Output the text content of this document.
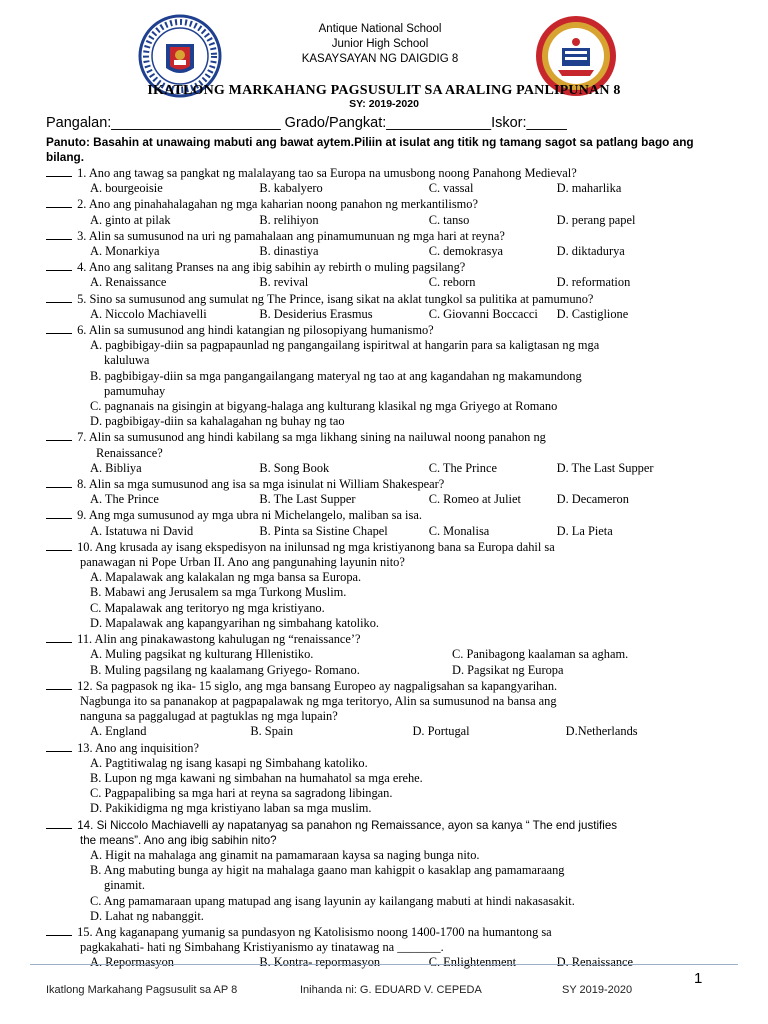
Antique National School
Junior High School
KASAYSAYAN NG DAIGDIG 8
IKATLONG MARKAHANG PAGSUSULIT SA ARALING PANLIPUNAN 8
SY: 2019-2020
Pangalan:_____________________ Grado/Pangkat:_____________Iskor:_____
Panuto: Basahin at unawaing mabuti ang bawat aytem.Piliin at isulat ang titik ng tamang sagot sa patlang bago ang bilang.
1. Ano ang tawag sa pangkat ng malalayang tao sa Europa na umusbong noong Panahong Medieval?
A. bourgeoisie	B. kabalyero	C. vassal	D. maharlika
2. Ano ang pinahahalagahan ng mga kaharian noong panahon ng merkantilismo?
A. ginto at pilak	B. relihiyon	C. tanso	D. perang papel
3. Alin sa sumusunod na uri ng pamahalaan ang pinamumunuan ng mga hari at reyna?
A. Monarkiya	B. dinastiya	C. demokrasya	D. diktadurya
4. Ano ang salitang Pranses na ang ibig sabihin ay rebirth o muling pagsilang?
A. Renaissance	B. revival	C. reborn	D. reformation
5. Sino sa sumusunod ang sumulat ng The Prince, isang sikat na aklat tungkol sa pulitika at pamumuno?
A. Niccolo Machiavelli	B. Desiderius Erasmus	C. Giovanni Boccacci	D. Castiglione
6. Alin sa sumusunod ang hindi katangian ng pilosopiyang humanismo?
A. pagbibigay-diin sa pagpapaunlad ng pangangailang ispiritwal at hangarin para sa kaligtasan ng mga
kaluluwa
B. pagbibigay-diin sa mga pangangailangang materyal ng tao at ang kagandahan ng makamundong
pamumuhay
C. pagnanais na gisingin at bigyang-halaga ang kulturang klasikal ng mga Griyego at Romano
D. pagbibigay-diin sa kahalagahan ng buhay ng tao
7. Alin sa sumusunod ang hindi kabilang sa mga likhang sining na nailuwal noong panahon ng
Renaissance?
A. Bibliya	B. Song Book	C. The Prince	D. The Last Supper
8. Alin sa mga sumusunod ang isa sa mga isinulat ni William Shakespear?
A. The Prince	B. The Last Supper	C. Romeo at Juliet	D. Decameron
9. Ang mga sumusunod ay mga ubra ni Michelangelo, maliban sa isa.
A. Istatuwa ni David	B. Pinta sa Sistine Chapel	C. Monalisa	D. La Pieta
10. Ang krusada ay isang ekspedisyon na inilunsad ng mga kristiyanong bana sa Europa dahil sa
panawagan ni Pope Urban II. Ano ang pangunahing layunin nito?
A. Mapalawak ang kalakalan ng mga bansa sa Europa.
B. Mabawi ang Jerusalem sa mga Turkong Muslim.
C. Mapalawak ang teritoryo ng mga kristiyano.
D. Mapalawak ang kapangyarihan ng simbahang katoliko.
11. Alin ang pinakawastong kahulugan ng “renaissance’?
A. Muling pagsikat ng kulturang Hllenistiko.	C. Panibagong kaalaman sa agham.
B. Muling pagsilang ng kaalamang Griyego- Romano.	D. Pagsikat ng Europa
12. Sa pagpasok ng ika- 15 siglo, ang mga bansang Europeo ay nagpaligsahan sa kapangyarihan.
Nagbunga ito sa pananakop at pagpapalawak ng mga teritoryo, Alin sa sumusunod na bansa ang
nanguna sa paggalugad at pagtuklas ng mga lupain?
A. England	B. Spain	D. Portugal	D.Netherlands
13. Ano ang inquisition?
A. Pagtitiwalag ng isang kasapi ng Simbahang katoliko.
B. Lupon ng mga kawani ng simbahan na humahatol sa mga erehe.
C. Pagpapalibing sa mga hari at reyna sa sagradong libingan.
D. Pakikidigma ng mga kristiyano laban sa mga muslim.
14. Si Niccolo Machiavelli ay napatanyag sa panahon ng Remaissance, ayon sa kanya “ The end justifies
the means”. Ano ang ibig sabihin nito?
A. Higit na mahalaga ang ginamit na pamamaraan kaysa sa naging bunga nito.
B. Ang mabuting bunga ay higit na mahalaga gaano man kahigpit o kasaklap ang pamamaraang
ginamit.
C. Ang pamamaraan upang matupad ang isang layunin ay kailangang mabuti at hindi nakasasakit.
D. Lahat ng nabanggit.
15. Ang kaganapang yumanig sa pundasyon ng Katolisismo noong 1400-1700 na humantong sa
pagkakahati- hati ng Simbahang Kristiyanismo ay tinatawag na _______.
A. Repormasyon	B. Kontra- repormasyon	C. Enlightenment	D. Renaissance
1
Ikatlong Markahang Pagsusulit sa AP 8	Inihanda ni: G. EDUARD V. CEPEDA	SY 2019-2020
